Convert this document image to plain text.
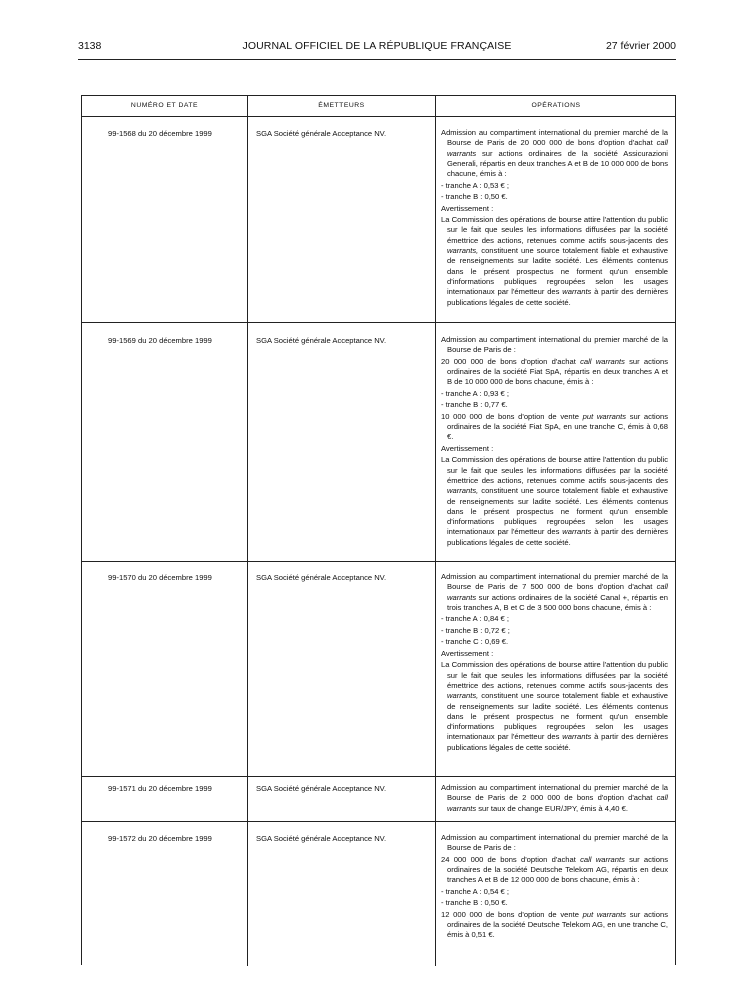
3138	JOURNAL OFFICIEL DE LA RÉPUBLIQUE FRANÇAISE	27 février 2000
NUMÉRO ET DATE	ÉMETTEURS	OPÉRATIONS
99-1568 du 20 décembre 1999	SGA Société générale Acceptance NV.	Admission au compartiment international du premier marché de la Bourse de Paris de 20 000 000 de bons d'option d'achat call warrants sur actions ordinaires de la société Assicurazioni Generali, répartis en deux tranches A et B de 10 000 000 de bons chacune, émis à :

- tranche A : 0,53 € ;

- tranche B : 0,50 €.

Avertissement :

La Commission des opérations de bourse attire l'attention du public sur le fait que seules les informations diffusées par la société émettrice des actions, retenues comme actifs sous-jacents des warrants, constituent une source totalement fiable et exhaustive de renseignements sur ladite société. Les éléments contenus dans le présent prospectus ne forment qu'un ensemble d'informations publiques regroupées selon les usages internationaux par l'émetteur des warrants à partir des dernières publications légales de cette société.

99-1569 du 20 décembre 1999	SGA Société générale Acceptance NV.	Admission au compartiment international du premier marché de la Bourse de Paris de :

20 000 000 de bons d'option d'achat call warrants sur actions ordinaires de la société Fiat SpA, répartis en deux tranches A et B de 10 000 000 de bons chacune, émis à :

- tranche A : 0,93 € ;

- tranche B : 0,77 €.

10 000 000 de bons d'option de vente put warrants sur actions ordinaires de la société Fiat SpA, en une tranche C, émis à 0,68 €.

Avertissement :

La Commission des opérations de bourse attire l'attention du public sur le fait que seules les informations diffusées par la société émettrice des actions, retenues comme actifs sous-jacents des warrants, constituent une source totalement fiable et exhaustive de renseignements sur ladite société. Les éléments contenus dans le présent prospectus ne forment qu'un ensemble d'informations publiques regroupées selon les usages internationaux par l'émetteur des warrants à partir des dernières publications légales de cette société.

99-1570 du 20 décembre 1999	SGA Société générale Acceptance NV.	Admission au compartiment international du premier marché de la Bourse de Paris de 7 500 000 de bons d'option d'achat call warrants sur actions ordinaires de la société Canal +, répartis en trois tranches A, B et C de 3 500 000 bons chacune, émis à :

- tranche A : 0,84 € ;

- tranche B : 0,72 € ;

- tranche C : 0,69 €.

Avertissement :

La Commission des opérations de bourse attire l'attention du public sur le fait que seules les informations diffusées par la société émettrice des actions, retenues comme actifs sous-jacents des warrants, constituent une source totalement fiable et exhaustive de renseignements sur ladite société. Les éléments contenus dans le présent prospectus ne forment qu'un ensemble d'informations publiques regroupées selon les usages internationaux par l'émetteur des warrants à partir des dernières publications légales de cette société.

99-1571 du 20 décembre 1999	SGA Société générale Acceptance NV.	Admission au compartiment international du premier marché de la Bourse de Paris de 2 000 000 de bons d'option d'achat call warrants sur taux de change EUR/JPY, émis à 4,40 €.

99-1572 du 20 décembre 1999	SGA Société générale Acceptance NV.	Admission au compartiment international du premier marché de la Bourse de Paris de :

24 000 000 de bons d'option d'achat call warrants sur actions ordinaires de la société Deutsche Telekom AG, répartis en deux tranches A et B de 12 000 000 de bons chacune, émis à :

- tranche A : 0,54 € ;

- tranche B : 0,50 €.

12 000 000 de bons d'option de vente put warrants sur actions ordinaires de la société Deutsche Telekom AG, en une tranche C, émis à 0,51 €.
